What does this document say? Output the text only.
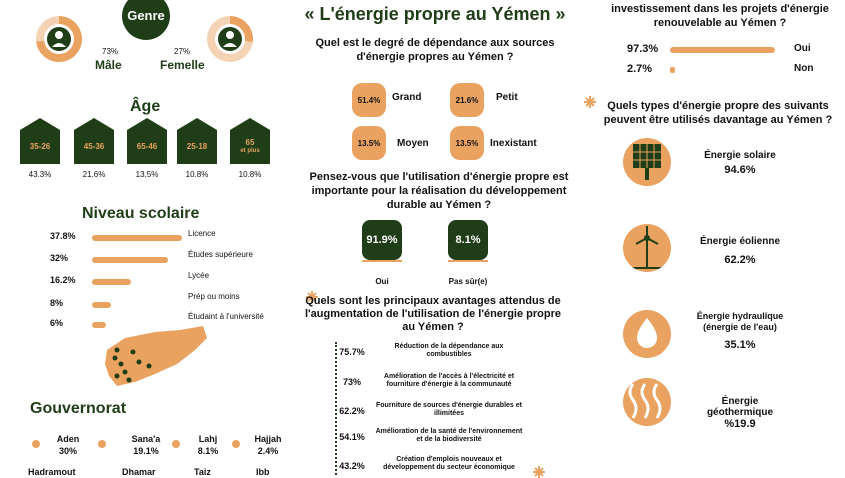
Genre
73%
Mâle
27%
Femelle
Âge
35-26
43.3%
45-36
21.6%
65-46
13.5%
25-18
10.8%
65
et plus
10.8%
Niveau scolaire
37.8%	Licence
32%	Études supérieure
16.2%	Lycée
8%
Prép ou moins
6%
Étudaint à l'université
Gouvernorat
Aden
30%
Sana'a
19.1%
Lahj
8.1%
Hajjah
2.4%
Hadramout	Dhamar	Taiz	Ibb
« L'énergie propre au Yémen »
Quel est le degré de dépendance aux sources d'énergie propres au Yémen ?
51.4%	Grand	21.6%	Petit
13.5%	Moyen	13.5%	Inexistant
Pensez-vous que l'utilisation d'énergie propre est importante pour la réalisation du développement durable au Yémen ?
91.9%
Oui
8.1%
Pas sûr(e)
Quels sont les principaux avantages attendus de l'augmentation de l'utilisation de l'énergie propre au Yémen ?
75.7%
Réduction de la dépendance aux combustibles
73%
Amélioration de l'accès à l'électricité et fourniture d'énergie à la communauté
62.2%
Fourniture de sources d'énergie durables et illimitées
54.1%
Amélioration de la santé de l'environnement et de la biodiversité
43.2%
Création d'emplois nouveaux et développement du secteur économique
investissement dans les projets d'énergie renouvelable au Yémen ?
97.3%	Oui
2.7%	Non
Quels types d'énergie propre des suivants peuvent être utilisés davantage au Yémen ?
Énergie solaire
94.6%
Énergie éolienne
62.2%
Énergie hydraulique (énergie de l'eau)
35.1%
Énergie géothermique
%19.9
